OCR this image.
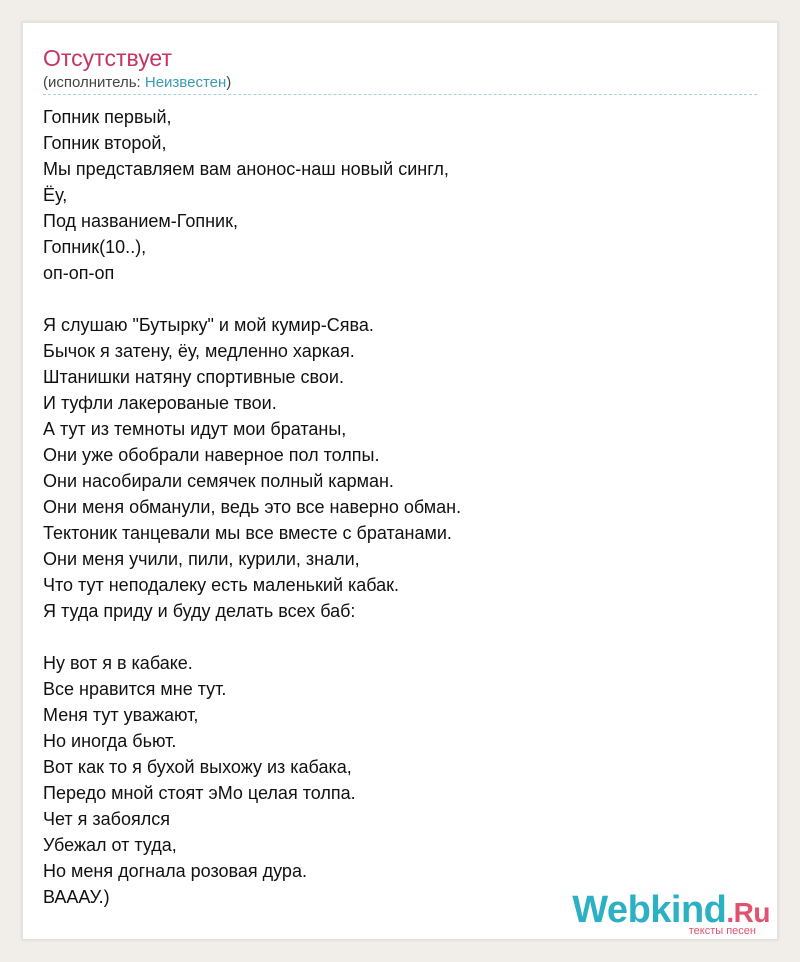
Отсутствует
(исполнитель: Неизвестен)
Гопник первый,
Гопник второй,
Мы представляем вам анонос-наш новый сингл,
Ёу,
Под названием-Гопник,
Гопник(10..),
оп-оп-оп
Я слушаю "Бутырку" и мой кумир-Сява.
Бычок я затену, ёу, медленно харкая.
Штанишки натяну спортивные свои.
И туфли лакерованые твои.
А тут из темноты идут мои братаны,
Они уже обобрали наверное пол толпы.
Они насобирали семячек полный карман.
Они меня обманули, ведь это все наверно обман.
Тектоник танцевали мы все вместе с братанами.
Они меня учили, пили, курили, знали,
Что тут неподалеку есть маленький кабак.
Я туда приду и буду делать всех баб:
Ну вот я в кабаке.
Все нравится мне тут.
Меня тут уважают,
Но иногда бьют.
Вот как то я бухой выхожу из кабака,
Передо мной стоят эМо целая толпа.
Чет я забоялся
Убежал от туда,
Но меня догнала розовая дура.
ВАААУ.)	Webkind.Ru
тексты песен
